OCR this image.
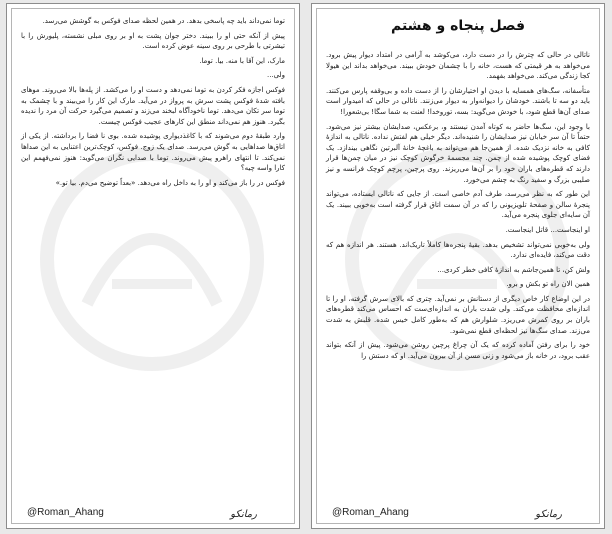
توما نمی‌داند باید چه پاسخی بدهد. در همین لحظه صدای فوکس به گوشش می‌رسد.

پیش از آنکه حتی او را ببیند. دختر جوان پشت به او بر روی مبلی نشسته، پلیورش را با تیشرتی با طرحی بر روی سینه عوض کرده است.

مارک، این آقا با منه. بیا. توما.

ولی...

فوکس اجازه فکر کردن به توما نمی‌دهد و دست او را می‌کشد. از پله‌ها بالا می‌روند. موهای بافته شدهٔ فوکس پشت سرش به پرواز در می‌آید. مارک این کار را می‌بیند و با چشمک به توما سر تکان می‌دهد. توما ناخودآگاه لبخند می‌زند و تصمیم می‌گیرد حرکت آن مرد را ندیده بگیرد. هنوز هم نمی‌داند منطق این کارهای عجیب فوکس چیست.

وارد طبقهٔ دوم می‌شوند که با کاغذدیواری پوشیده شده. بوی نا فضا را برداشته. از یکی از اتاق‌ها صداهایی به گوش می‌رسد. صدای یک زوج. فوکس، کوچک‌ترین اعتنایی به این صداها نمی‌کند. تا انتهای راهرو پیش می‌روند. توما با صدایی نگران می‌گوید: هنوز نمی‌فهمم این کارا واسه چیه؟

فوکس در را باز می‌کند و او را به داخل راه می‌دهد. «بعداً توضیح می‌دم. بیا تو.»

@Roman_Ahang	رمانکو
فصل پنجاه و هشتم

ناتالی در حالی که چترش را در دست دارد، می‌کوشد به آرامی در امتداد دیوار پیش برود. می‌خواهد به هر قیمتی که هست، خانه را با چشمان خودش ببیند. می‌خواهد بداند این هیولا کجا زندگی می‌کند. می‌خواهد بفهمد.

متأسفانه، سگ‌های همسایه با دیدن او اختیارشان را از دست داده و بی‌وقفه پارس می‌کنند. باید دو سه تا باشند. خودشان را دیوانه‌وار به دیوار می‌زنند. ناتالی در حالی که امیدوار است صدای آن‌ها قطع شود، با خودش می‌گوید: بسه، توروخدا! لعنت به شما سگا! بی‌شعورا!

با وجود این، سگ‌ها حاضر به کوتاه آمدن نیستند و، برعکس، صدایشان بیشتر نیز می‌شود. حتماً تا آن سر خیابان نیز صدایشان را شنیده‌اند. دیگر خیلی هم لفتش نداده. ناتالی به اندازهٔ کافی به خانه نزدیک شده. از همین‌جا هم می‌تواند به باغچهٔ خانهٔ آلبرتین نگاهی بیندازد. یک فضای کوچک پوشیده شده از چمن. چند مجسمهٔ خرگوش کوچک نیز در میان چمن‌ها قرار دارند که قطره‌های باران خود را بر آن‌ها می‌ریزند. روی پرچین، پرچم کوچک فرانسه و نیز صلیبی بزرگ و سفید رنگ به چشم می‌خورد.

این طور که به نظر می‌رسد، طرف آدم خاصی است. از جایی که ناتالی ایستاده، می‌تواند پنجرهٔ سالن و صفحهٔ تلویزیونی را که در آن سمت اتاق قرار گرفته است به‌خوبی ببیند. یک آن سایه‌ای جلوی پنجره می‌آید.

او اینجاست... قاتل اینجاست.

ولی به‌خوبی نمی‌تواند تشخیص بدهد. بقیهٔ پنجره‌ها کاملاً تاریک‌اند. هستند. هر اندازه هم که دقت می‌کند، فایده‌ای ندارد.

ولش کن، تا همین‌جاشم به اندازهٔ کافی خطر کردی...

همین الان راه تو بکش و برو.

در این اوضاع کار خاص دیگری از دستانش بر نمی‌آید. چتری که بالای سرش گرفته، او را تا اندازه‌ای محافظت می‌کند. ولی شدت باران به اندازه‌ای‌ست که احساس می‌کند قطره‌های باران بر روی کمرش می‌ریزد. شلوارش هم که به‌طور کامل خیس شده. قلبش به شدت می‌زند. صدای سگ‌ها نیز لحظه‌ای قطع نمی‌شود.

خود را برای رفتن آماده کرده که یک آن چراغ پرچین روشن می‌شود. پیش از آنکه بتواند عقب برود، در خانه باز می‌شود و زنی مسن از آن بیرون می‌آید. او که دستش را

@Roman_Ahang	رمانکو
